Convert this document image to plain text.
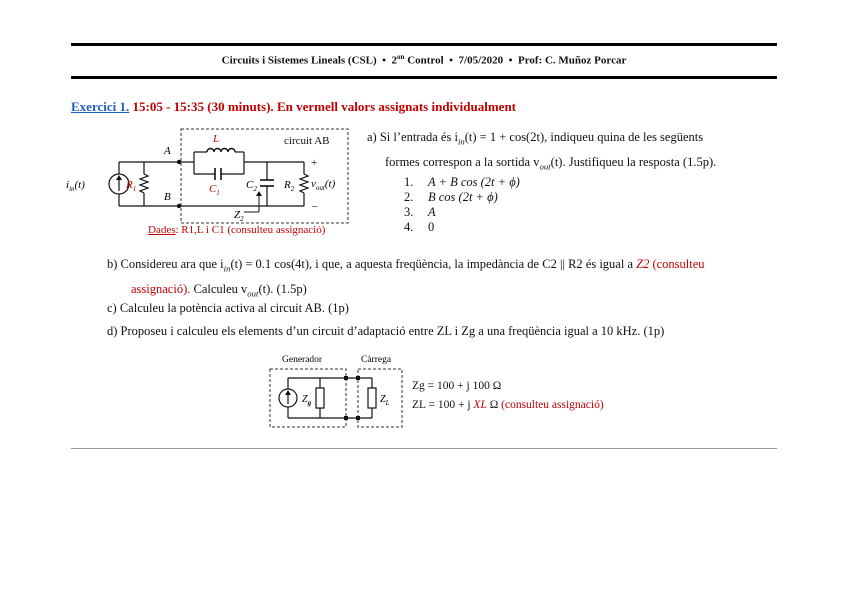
Circuits i Sistemes Lineals (CSL) • $2^{on}$ Control • 7/05/2020 • Prof: C. Muñoz Porcar
Exercici 1. 15:05 - 15:35 (30 minuts). En vermell valors assignats individualment
circuit AB
$i_{in}(t)$	$R_1$
A
B
L
$C_1$
$C_2$ $R_2$
$Z_2$
+
–
$v_{out}(t)$
Dades: R1,L i C1 (consulteu assignació)

a) Si l’entrada és $i_{in}(t) = 1 + \cos(2t)$, indiqueu quina de les següents

formes correspon a la sortida $v_{out}(t)$. Justifiqueu la resposta (1.5p).

1. A + B cos (2t + ϕ)
2. B cos (2t + ϕ)
3. A
4. 0

b) Considereu ara que $i_{in}(t) = 0.1$ cos(4t), i que, a aquesta freqüència, la impedància de C2 || R2 és igual a Z2 (consulteu

assignació). Calculeu $v_{out}(t)$. (1.5p)

c) Calculeu la potència activa al circuit AB. (1p)
d) Proposeu i calculeu els elements d’un circuit d’adaptació entre ZL i Zg a una freqüència igual a 10 kHz. (1p)
Generador	Càrrega
$Z_g$	$Z_L$
Zg = 100 + j 100 Ω
ZL = 100 + j XL Ω (consulteu assignació)
